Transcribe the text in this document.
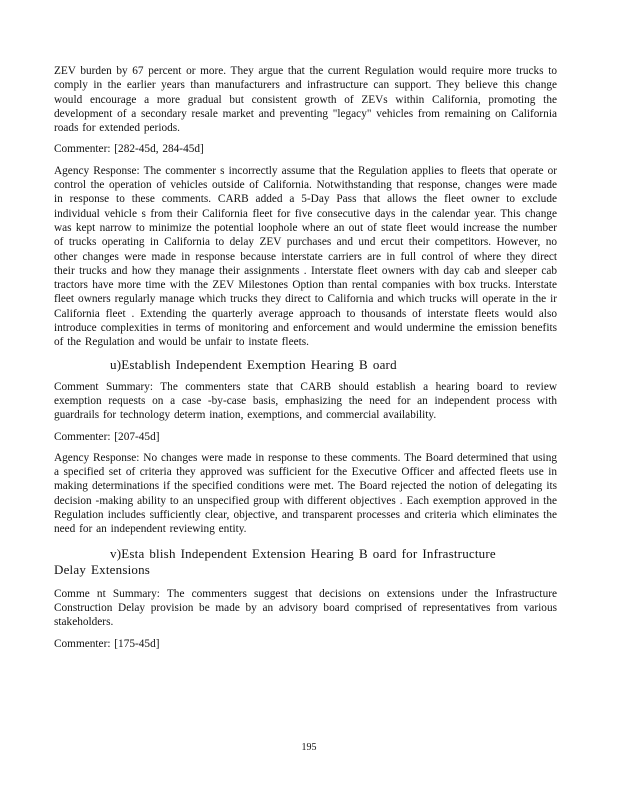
ZEV burden by 67 percent or more. They argue that the current Regulation would require more trucks to comply in the earlier years than manufacturers and infrastructure can support. They believe this change would encourage a more gradual but consistent growth of ZEVs within California, promoting the development of a secondary resale market and preventing "legacy" vehicles from remaining on California roads for extended periods.

Commenter: [282-45d, 284-45d]

Agency Response: The commenter s incorrectly assume that the Regulation applies to fleets that operate or control the operation of vehicles outside of California. Notwithstanding that response, changes were made in response to these comments. CARB added a 5-Day Pass that allows the fleet owner to exclude individual vehicle s from their California fleet for five consecutive days in the calendar year. This change was kept narrow to minimize the potential loophole where an out of state fleet would increase the number of trucks operating in California to delay ZEV purchases and und ercut their competitors. However, no other changes were made in response because interstate carriers are in full control of where they direct their trucks and how they manage their assignments . Interstate fleet owners with day cab and sleeper cab tractors have more time with the ZEV Milestones Option than rental companies with box trucks. Interstate fleet owners regularly manage which trucks they direct to California and which trucks will operate in the ir California fleet . Extending the quarterly average approach to thousands of interstate fleets would also introduce complexities in terms of monitoring and enforcement and would undermine the emission benefits of the Regulation and would be unfair to instate fleets.

u)Establish Independent Exemption Hearing B oard

Comment Summary: The commenters state that CARB should establish a hearing board to review exemption requests on a case -by-case basis, emphasizing the need for an independent process with guardrails for technology determ ination, exemptions, and commercial availability.

Commenter: [207-45d]

Agency Response: No changes were made in response to these comments. The Board determined that using a specified set of criteria they approved was sufficient for the Executive Officer and affected fleets use in making determinations if the specified conditions were met. The Board rejected the notion of delegating its decision -making ability to an unspecified group with different objectives . Each exemption approved in the Regulation includes sufficiently clear, objective, and transparent processes and criteria which eliminates the need for an independent reviewing entity.

v)Esta blish Independent Extension Hearing B oard for Infrastructure

Delay Extensions

Comme nt Summary: The commenters suggest that decisions on extensions under the Infrastructure Construction Delay provision be made by an advisory board comprised of representatives from various stakeholders.

Commenter: [175-45d]

195
